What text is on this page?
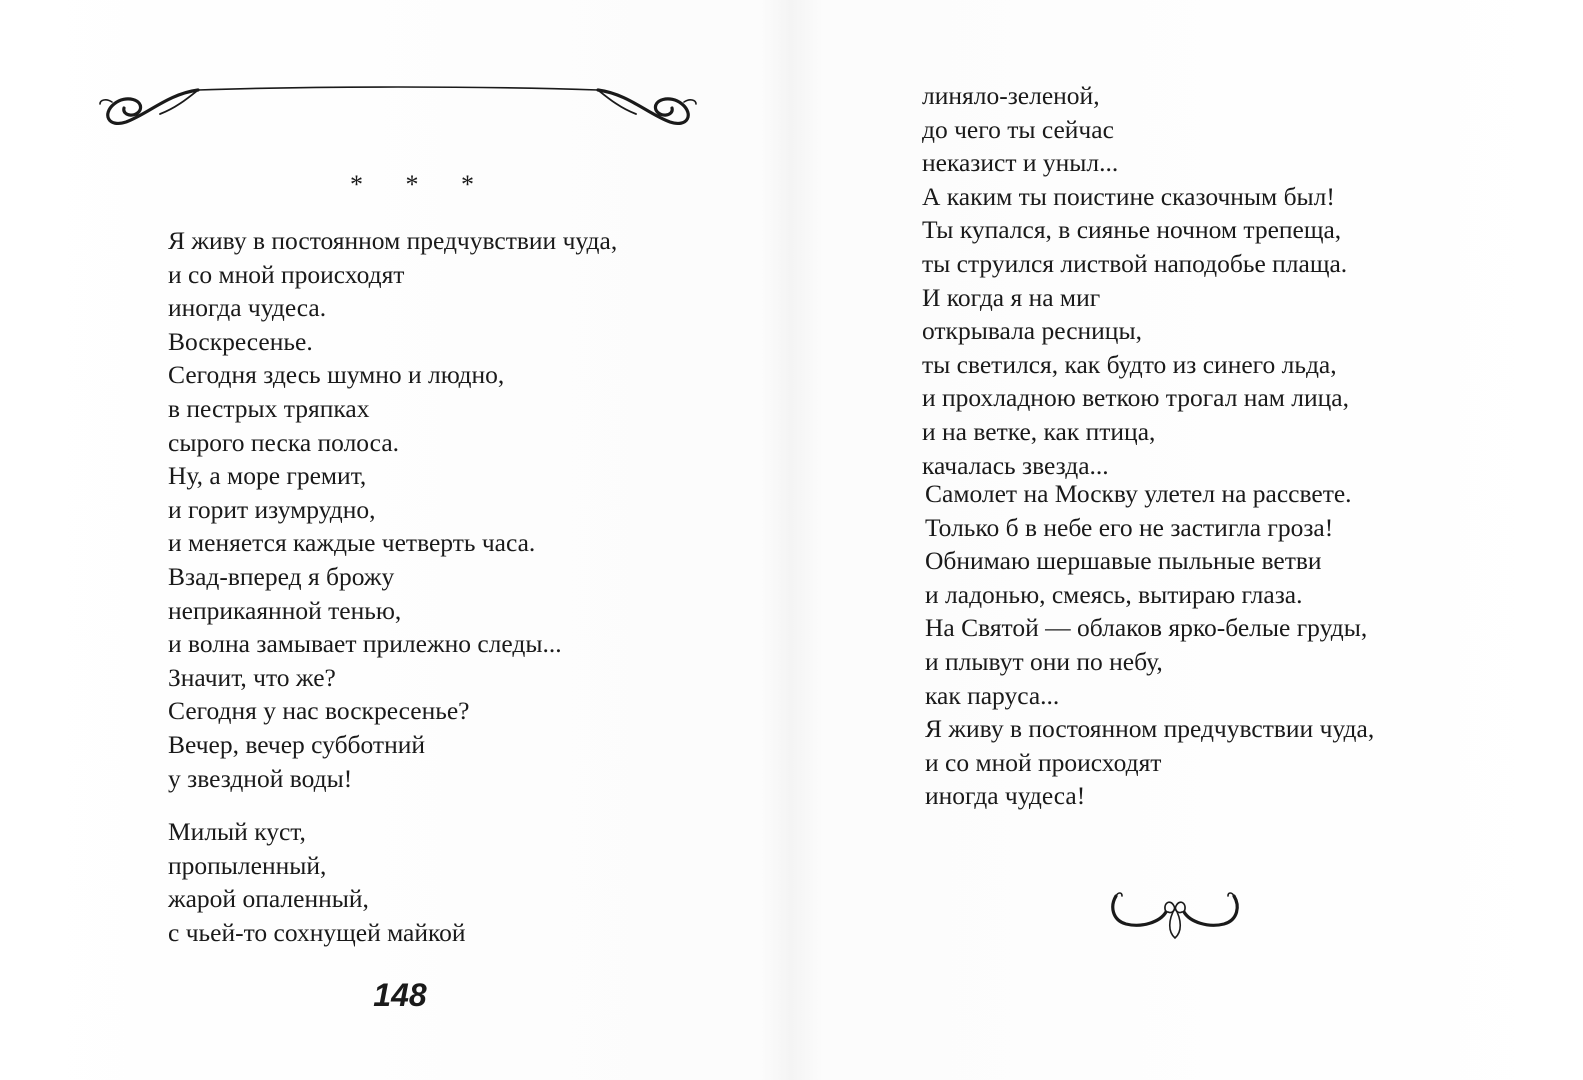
* * *
Я живу в постоянном предчувствии чуда,
и со мной происходят
иногда чудеса.
Воскресенье.
Сегодня здесь шумно и людно,
в пестрых тряпках
сырого песка полоса.
Ну, а море гремит,
и горит изумрудно,
и меняется каждые четверть часа.
Взад-вперед я брожу
неприкаянной тенью,
и волна замывает прилежно следы...
Значит, что же?
Сегодня у нас воскресенье?
Вечер, вечер субботний
у звездной воды!
Милый куст,
пропыленный,
жарой опаленный,
с чьей-то сохнущей майкой
148
линяло-зеленой,
до чего ты сейчас
неказист и уныл...
А каким ты поистине сказочным был!
Ты купался, в сиянье ночном трепеща,
ты струился листвой наподобье плаща.
И когда я на миг
открывала ресницы,
ты светился, как будто из синего льда,
и прохладною веткою трогал нам лица,
и на ветке, как птица,
качалась звезда...
Самолет на Москву улетел на рассвете.
Только б в небе его не застигла гроза!
Обнимаю шершавые пыльные ветви
и ладонью, смеясь, вытираю глаза.
На Святой — облаков ярко-белые груды,
и плывут они по небу,
как паруса...
Я живу в постоянном предчувствии чуда,
и со мной происходят
иногда чудеса!
